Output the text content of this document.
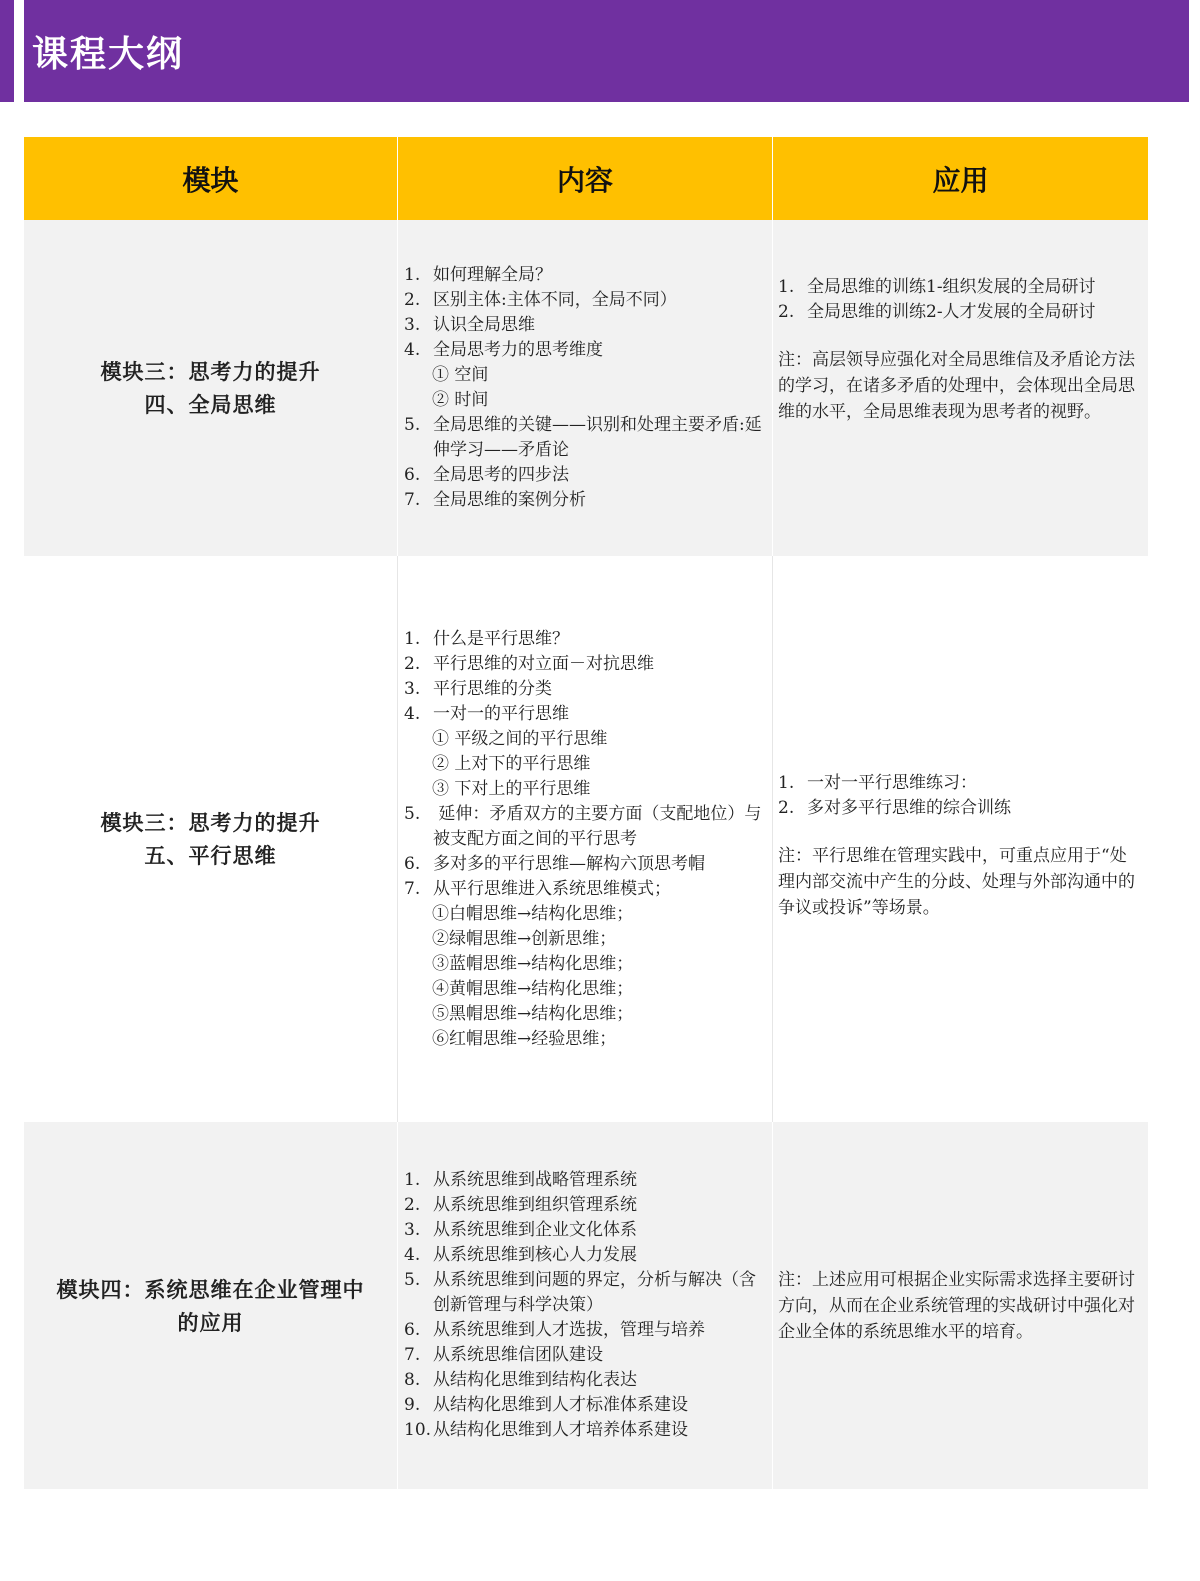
课程大纲
模块	内容	应用
模块三：思考力的提升
四、全局思维
1. 如何理解全局？
2. 区别主体:主体不同，全局不同）
3. 认识全局思维
4. 全局思考力的思考维度
① 空间
② 时间
5. 全局思维的关键——识别和处理主要矛盾:延伸学习——矛盾论
6. 全局思考的四步法
7. 全局思维的案例分析
1. 全局思维的训练1-组织发展的全局研讨
2. 全局思维的训练2-人才发展的全局研讨
注：高层领导应强化对全局思维信及矛盾论方法的学习，在诸多矛盾的处理中，会体现出全局思维的水平，全局思维表现为思考者的视野。
模块三：思考力的提升
五、平行思维
1. 什么是平行思维？
2. 平行思维的对立面－对抗思维
3. 平行思维的分类
4. 一对一的平行思维
① 平级之间的平行思维
② 上对下的平行思维
③ 下对上的平行思维
5. 延伸：矛盾双方的主要方面（支配地位）与被支配方面之间的平行思考
6. 多对多的平行思维—解构六顶思考帽
7. 从平行思维进入系统思维模式；
①白帽思维→结构化思维；
②绿帽思维→创新思维；
③蓝帽思维→结构化思维；
④黄帽思维→结构化思维；
⑤黑帽思维→结构化思维；
⑥红帽思维→经验思维；
1. 一对一平行思维练习：
2. 多对多平行思维的综合训练
注：平行思维在管理实践中，可重点应用于“处理内部交流中产生的分歧、处理与外部沟通中的争议或投诉”等场景。
模块四：系统思维在企业管理中
的应用
1. 从系统思维到战略管理系统
2. 从系统思维到组织管理系统
3. 从系统思维到企业文化体系
4. 从系统思维到核心人力发展
5. 从系统思维到问题的界定，分析与解决（含创新管理与科学决策）
6. 从系统思维到人才选拔，管理与培养
7. 从系统思维信团队建设
8. 从结构化思维到结构化表达
9. 从结构化思维到人才标准体系建设
10. 从结构化思维到人才培养体系建设
注：上述应用可根据企业实际需求选择主要研讨方向，从而在企业系统管理的实战研讨中强化对企业全体的系统思维水平的培育。
